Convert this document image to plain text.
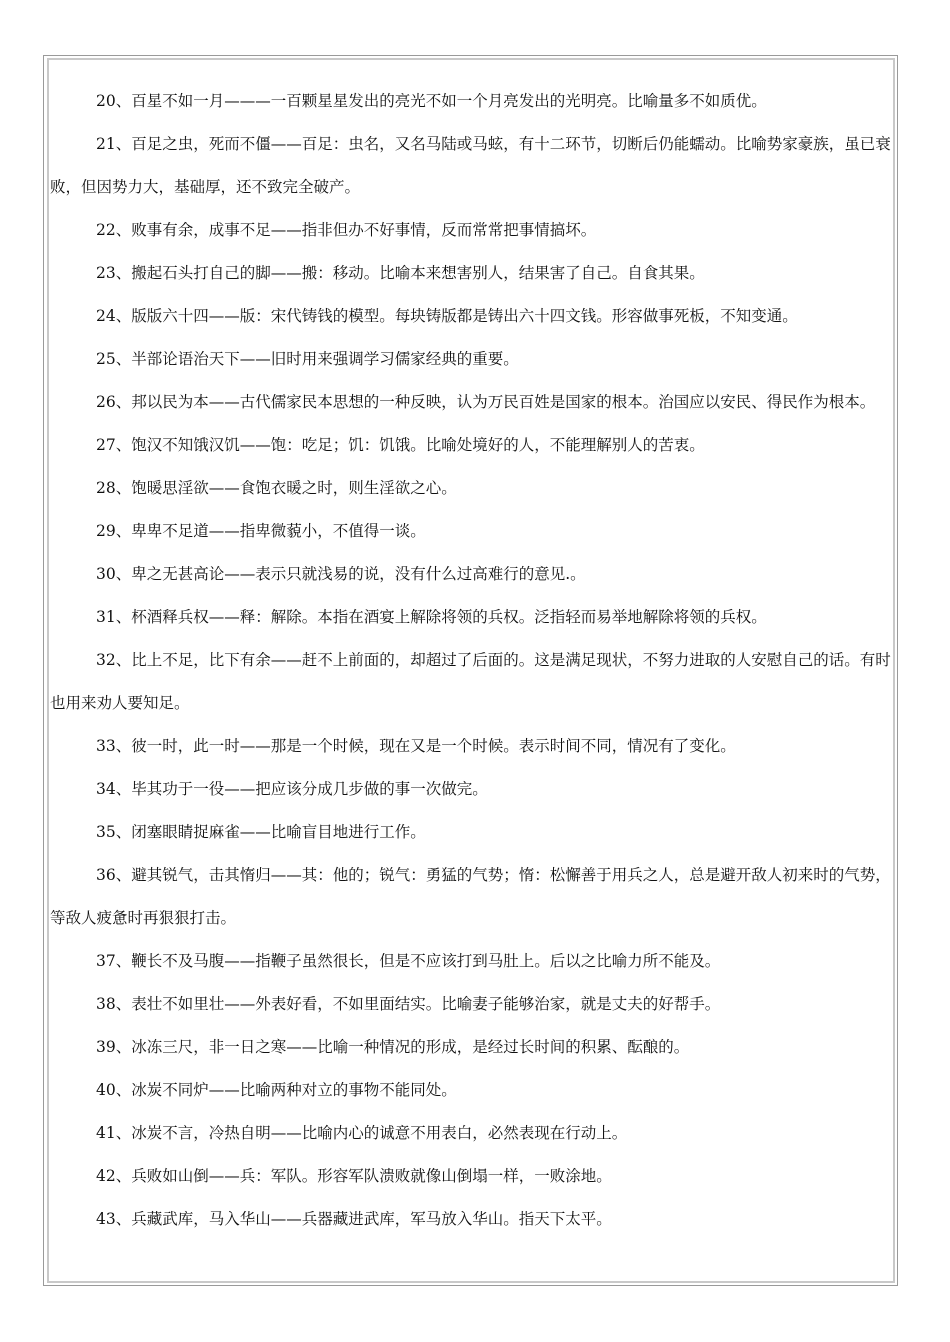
20、百星不如一月———一百颗星星发出的亮光不如一个月亮发出的光明亮。比喻量多不如质优。

21、百足之虫，死而不僵——百足：虫名，又名马陆或马蚿，有十二环节，切断后仍能蠕动。比喻势家豪族，虽已衰败，但因势力大，基础厚，还不致完全破产。

22、败事有余，成事不足——指非但办不好事情，反而常常把事情搞坏。

23、搬起石头打自己的脚——搬：移动。比喻本来想害别人，结果害了自己。自食其果。

24、版版六十四——版：宋代铸钱的模型。每块铸版都是铸出六十四文钱。形容做事死板，不知变通。

25、半部论语治天下——旧时用来强调学习儒家经典的重要。

26、邦以民为本——古代儒家民本思想的一种反映，认为万民百姓是国家的根本。治国应以安民、得民作为根本。

27、饱汉不知饿汉饥——饱：吃足；饥：饥饿。比喻处境好的人，不能理解别人的苦衷。

28、饱暖思淫欲——食饱衣暖之时，则生淫欲之心。

29、卑卑不足道——指卑微藐小，不值得一谈。

30、卑之无甚高论——表示只就浅易的说，没有什么过高难行的意见.。

31、杯酒释兵权——释：解除。本指在酒宴上解除将领的兵权。泛指轻而易举地解除将领的兵权。

32、比上不足，比下有余——赶不上前面的，却超过了后面的。这是满足现状，不努力进取的人安慰自己的话。有时也用来劝人要知足。

33、彼一时，此一时——那是一个时候，现在又是一个时候。表示时间不同，情况有了变化。

34、毕其功于一役——把应该分成几步做的事一次做完。

35、闭塞眼睛捉麻雀——比喻盲目地进行工作。

36、避其锐气，击其惰归——其：他的；锐气：勇猛的气势；惰：松懈善于用兵之人，总是避开敌人初来时的气势，等敌人疲惫时再狠狠打击。

37、鞭长不及马腹——指鞭子虽然很长，但是不应该打到马肚上。后以之比喻力所不能及。

38、表壮不如里壮——外表好看，不如里面结实。比喻妻子能够治家，就是丈夫的好帮手。

39、冰冻三尺，非一日之寒——比喻一种情况的形成，是经过长时间的积累、酝酿的。

40、冰炭不同炉——比喻两种对立的事物不能同处。

41、冰炭不言，冷热自明——比喻内心的诚意不用表白，必然表现在行动上。

42、兵败如山倒——兵：军队。形容军队溃败就像山倒塌一样，一败涂地。

43、兵藏武库，马入华山——兵器藏进武库，军马放入华山。指天下太平。
